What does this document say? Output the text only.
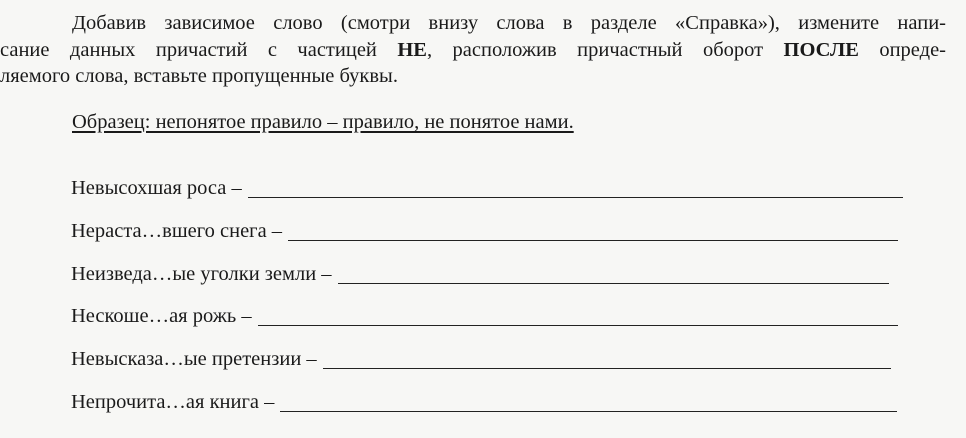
Добавив зависимое слово (смотри внизу слова в разделе «Справка»), измените напи-
сание данных причастий с частицей НЕ, расположив причастный оборот ПОСЛЕ опреде-
ляемого слова, вставьте пропущенные буквы.
Образец: непонятое правило – правило, не понятое нами.
Невысохшая роса –
Нераста…вшего снега –
Неизведа…ые уголки земли –
Нескоше…ая рожь –
Невысказа…ые претензии –
Непрочита…ая книга –
